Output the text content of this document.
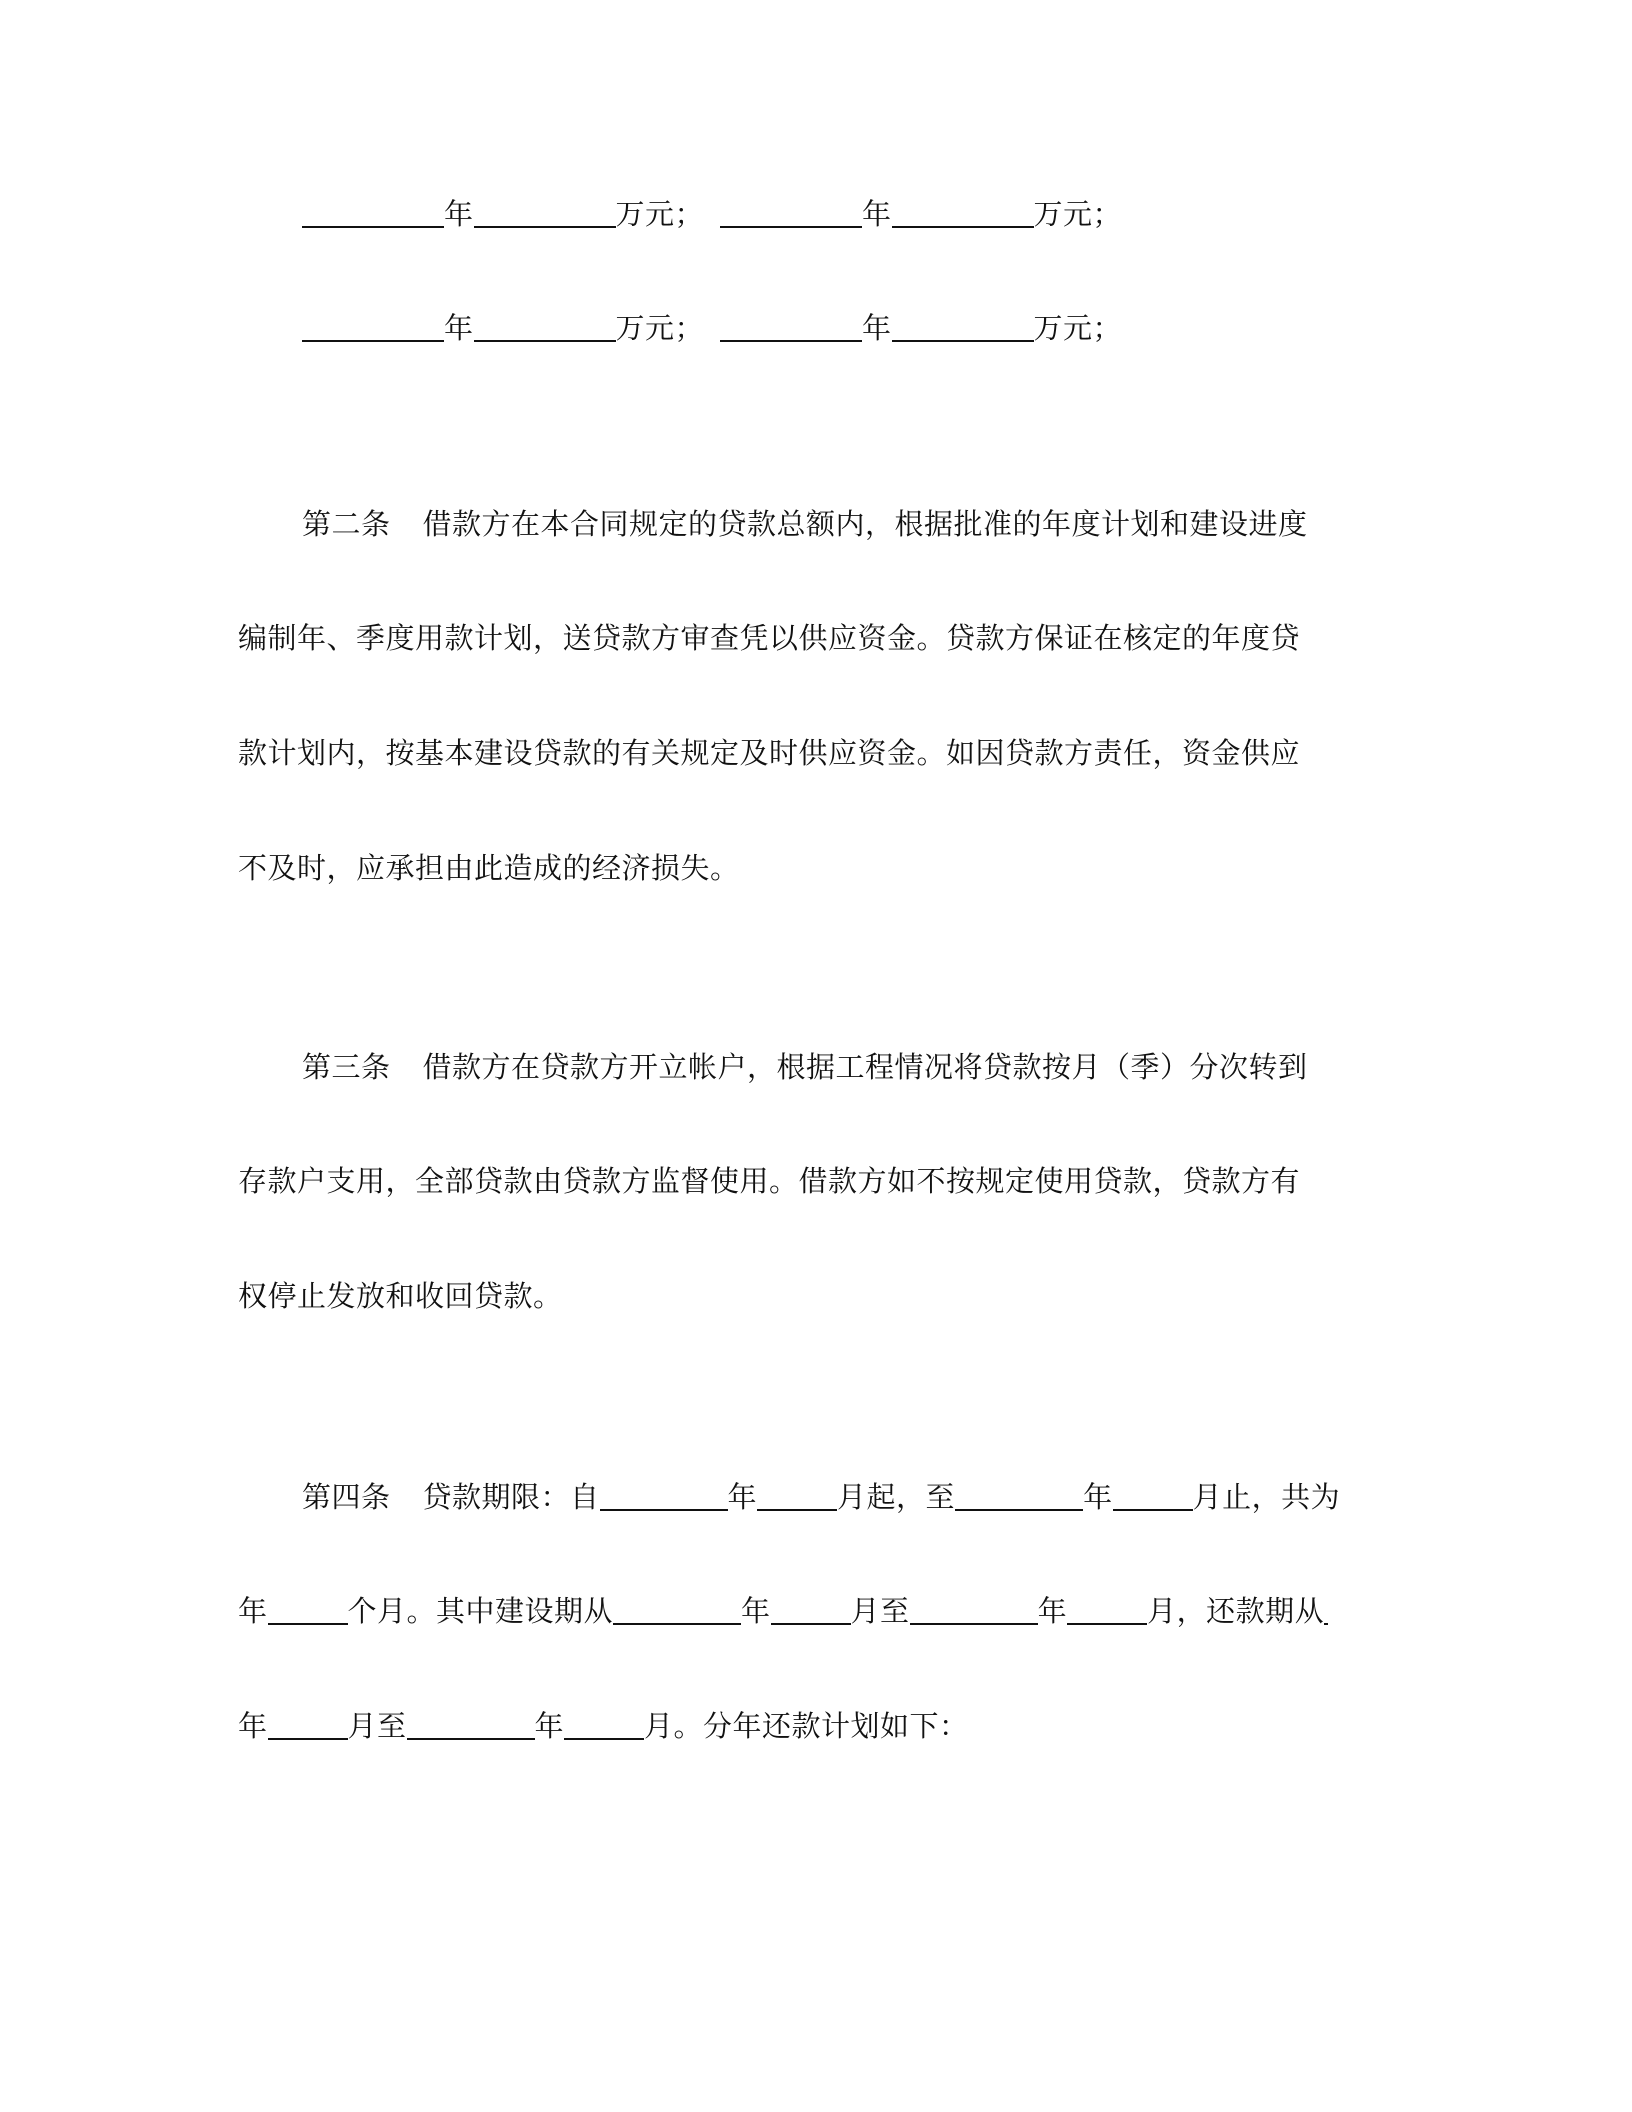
年	万元；	年	万元；
年	万元；	年	万元；
第二条 借款方在本合同规定的贷款总额内，根据批准的年度计划和建设进度
编制年、季度用款计划，送贷款方审查凭以供应资金。贷款方保证在核定的年度贷
款计划内，按基本建设贷款的有关规定及时供应资金。如因贷款方责任，资金供应
不及时，应承担由此造成的经济损失。
第三条 借款方在贷款方开立帐户，根据工程情况将贷款按月（季）分次转到
存款户支用，全部贷款由贷款方监督使用。借款方如不按规定使用贷款，贷款方有
权停止发放和收回贷款。
第四条 贷款期限：自	年	月起，至	年	月止，共为
年	个月。其中建设期从	年	月至	年	月，还款期从
年	月至	年	月。分年还款计划如下：
